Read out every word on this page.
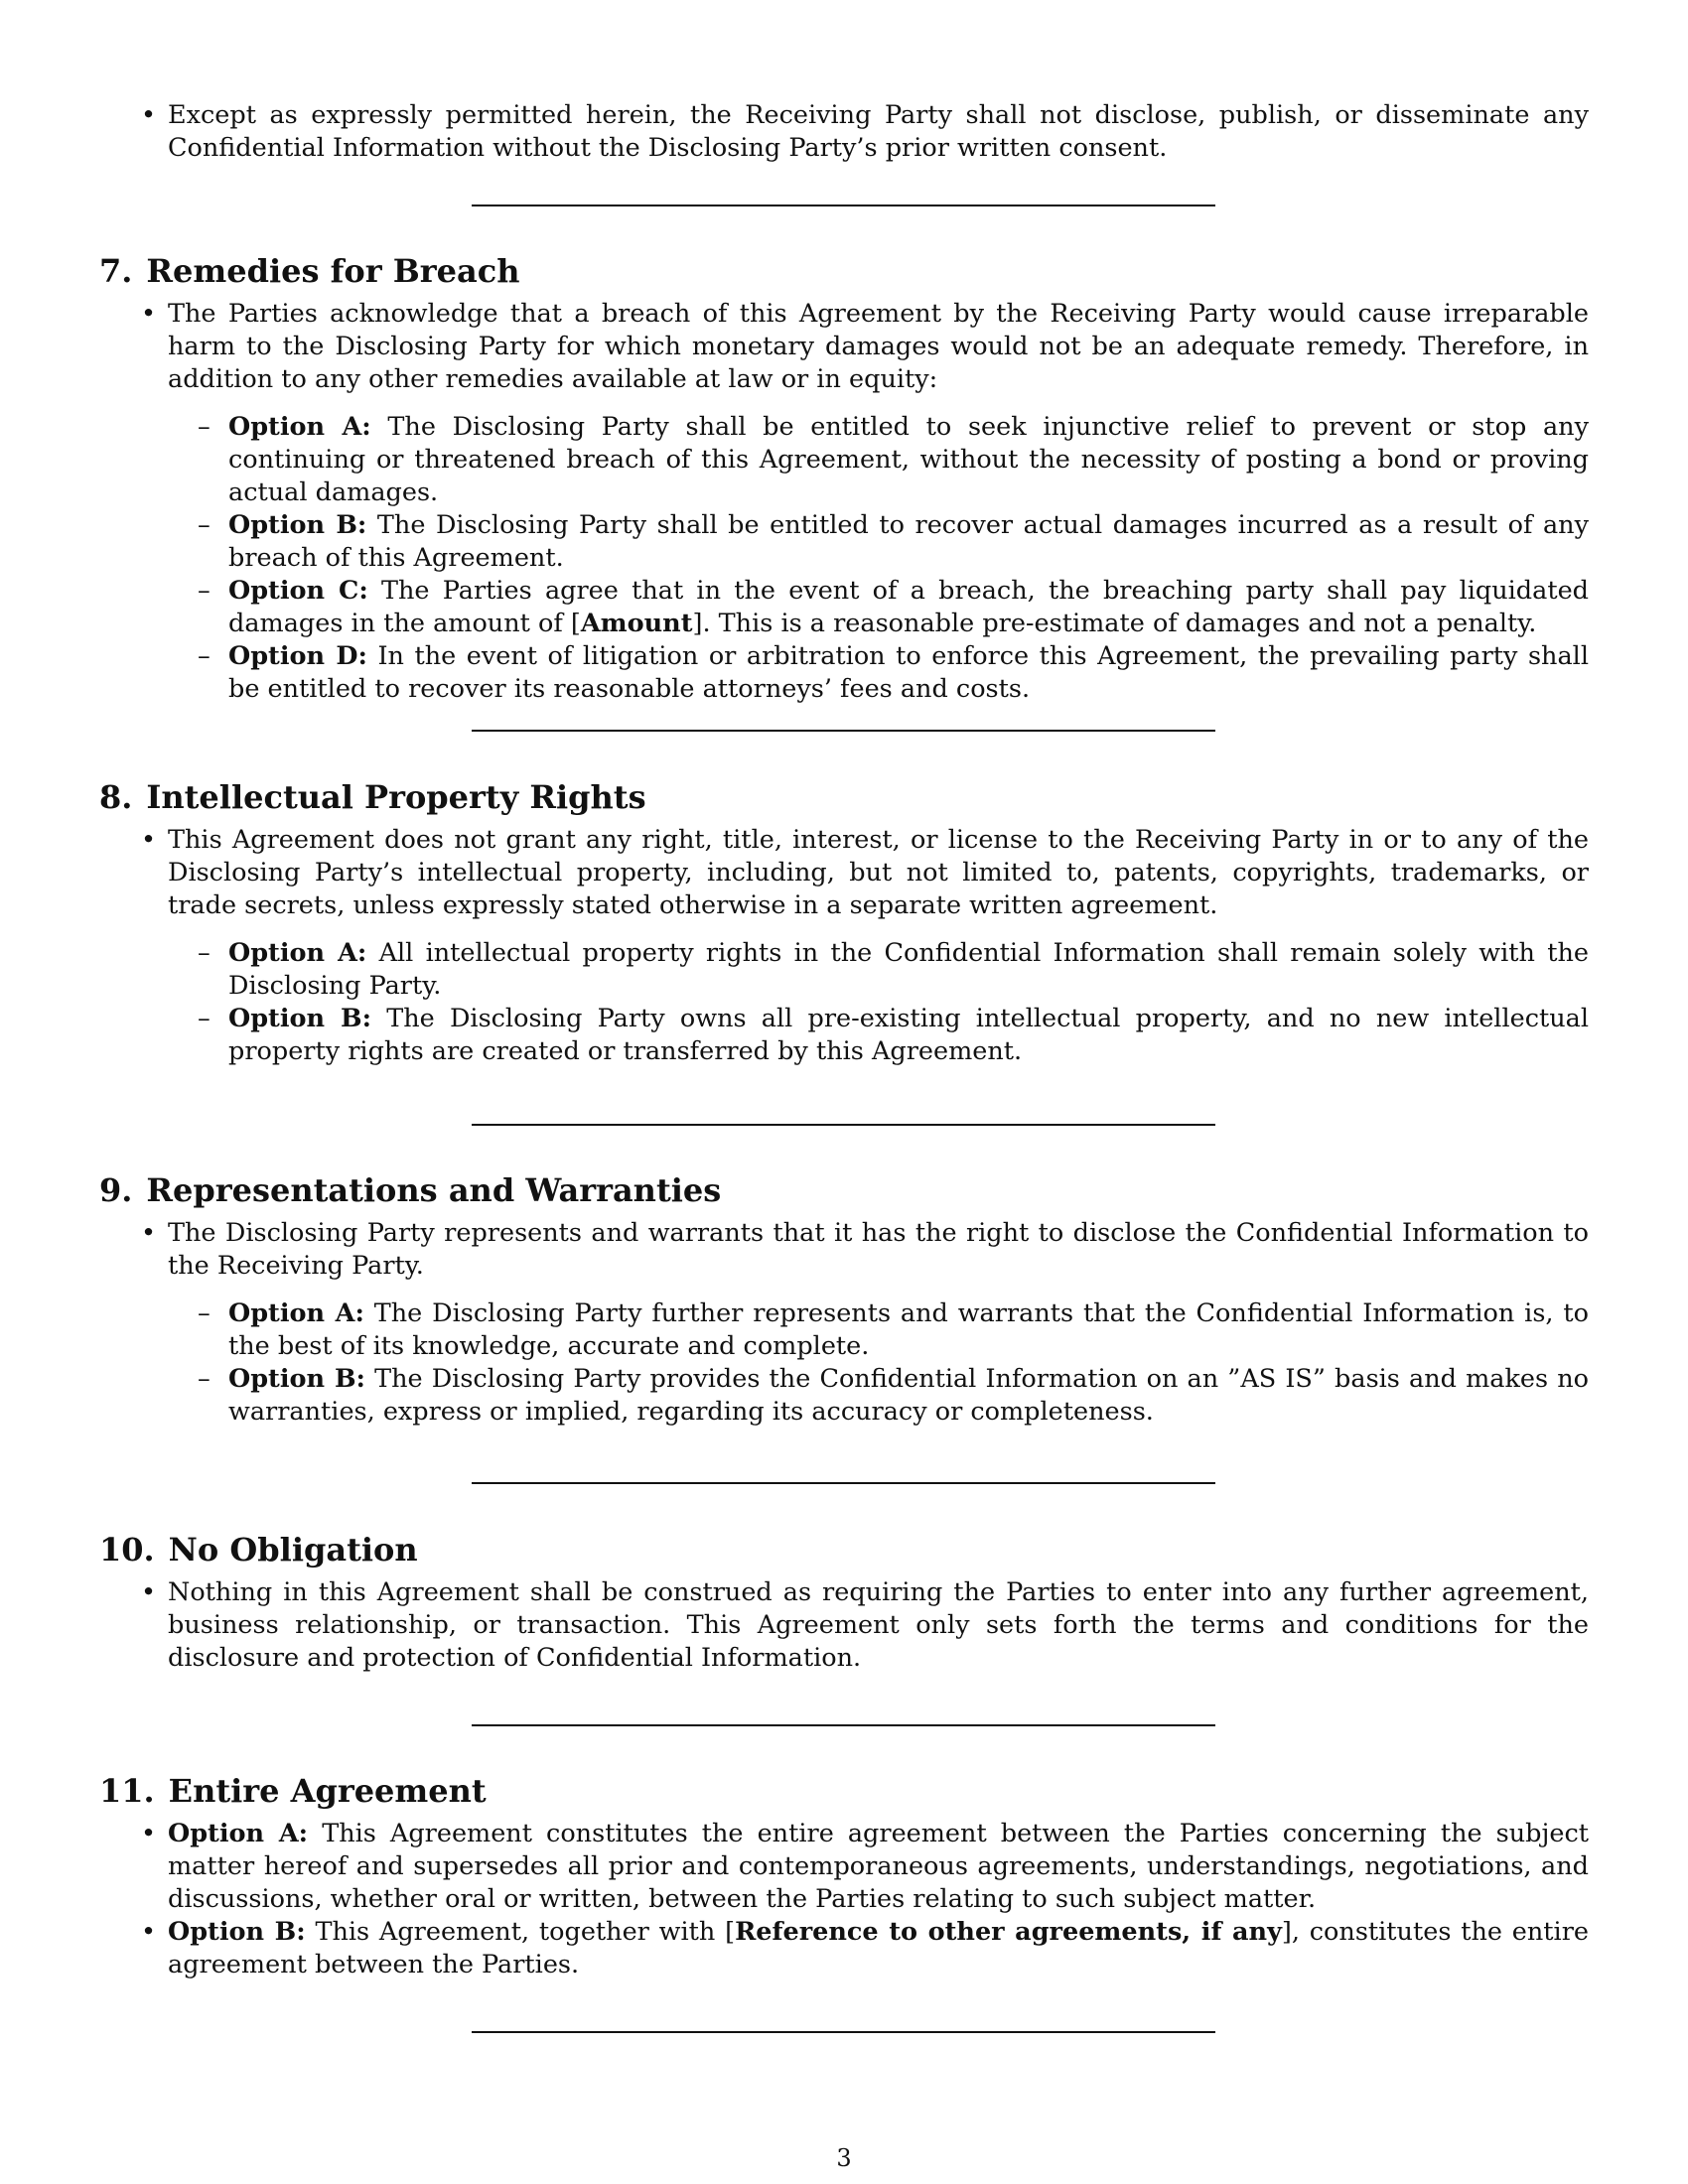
• Except as expressly permitted herein, the Receiving Party shall not disclose, publish, or disseminate any Confidential Information without the Disclosing Party’s prior written consent.
7. Remedies for Breach
• The Parties acknowledge that a breach of this Agreement by the Receiving Party would cause irreparable harm to the Disclosing Party for which monetary damages would not be an adequate remedy. Therefore, in addition to any other remedies available at law or in equity:
– Option A: The Disclosing Party shall be entitled to seek injunctive relief to prevent or stop any continuing or threatened breach of this Agreement, without the necessity of posting a bond or proving actual damages.
– Option B: The Disclosing Party shall be entitled to recover actual damages incurred as a result of any breach of this Agreement.
– Option C: The Parties agree that in the event of a breach, the breaching party shall pay liquidated damages in the amount of [Amount]. This is a reasonable pre-estimate of damages and not a penalty.
– Option D: In the event of litigation or arbitration to enforce this Agreement, the prevailing party shall be entitled to recover its reasonable attorneys’ fees and costs.
8. Intellectual Property Rights
• This Agreement does not grant any right, title, interest, or license to the Receiving Party in or to any of the Disclosing Party’s intellectual property, including, but not limited to, patents, copyrights, trademarks, or trade secrets, unless expressly stated otherwise in a separate written agreement.
– Option A: All intellectual property rights in the Confidential Information shall remain solely with the Disclosing Party.
– Option B: The Disclosing Party owns all pre-existing intellectual property, and no new intellectual property rights are created or transferred by this Agreement.
9. Representations and Warranties
• The Disclosing Party represents and warrants that it has the right to disclose the Confidential Information to the Receiving Party.
– Option A: The Disclosing Party further represents and warrants that the Confidential Information is, to the best of its knowledge, accurate and complete.
– Option B: The Disclosing Party provides the Confidential Information on an ”AS IS” basis and makes no warranties, express or implied, regarding its accuracy or completeness.
10. No Obligation
• Nothing in this Agreement shall be construed as requiring the Parties to enter into any further agreement, business relationship, or transaction. This Agreement only sets forth the terms and conditions for the disclosure and protection of Confidential Information.
11. Entire Agreement
• Option A: This Agreement constitutes the entire agreement between the Parties concerning the subject matter hereof and supersedes all prior and contemporaneous agreements, understandings, negotiations, and discussions, whether oral or written, between the Parties relating to such subject matter.
• Option B: This Agreement, together with [Reference to other agreements, if any], constitutes the entire agreement between the Parties.
3
